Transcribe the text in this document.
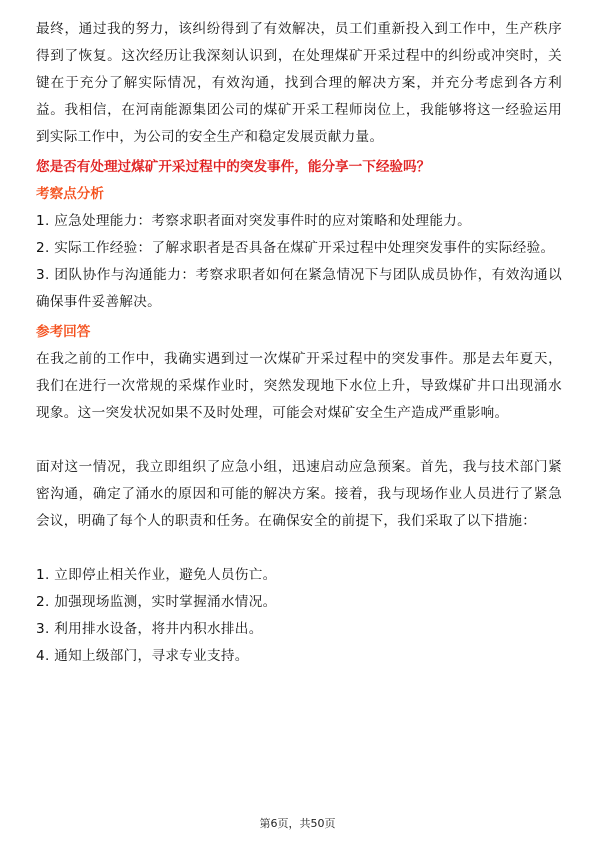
最终，通过我的努力，该纠纷得到了有效解决，员工们重新投入到工作中，生产秩序得到了恢复。这次经历让我深刻认识到，在处理煤矿开采过程中的纠纷或冲突时，关键在于充分了解实际情况，有效沟通，找到合理的解决方案，并充分考虑到各方利益。我相信，在河南能源集团公司的煤矿开采工程师岗位上，我能够将这一经验运用到实际工作中，为公司的安全生产和稳定发展贡献力量。

您是否有处理过煤矿开采过程中的突发事件，能分享一下经验吗？

考察点分析

1. 应急处理能力：考察求职者面对突发事件时的应对策略和处理能力。

2. 实际工作经验：了解求职者是否具备在煤矿开采过程中处理突发事件的实际经验。

3. 团队协作与沟通能力：考察求职者如何在紧急情况下与团队成员协作，有效沟通以确保事件妥善解决。

参考回答

在我之前的工作中，我确实遇到过一次煤矿开采过程中的突发事件。那是去年夏天，我们在进行一次常规的采煤作业时，突然发现地下水位上升，导致煤矿井口出现涌水现象。这一突发状况如果不及时处理，可能会对煤矿安全生产造成严重影响。

面对这一情况，我立即组织了应急小组，迅速启动应急预案。首先，我与技术部门紧密沟通，确定了涌水的原因和可能的解决方案。接着，我与现场作业人员进行了紧急会议，明确了每个人的职责和任务。在确保安全的前提下，我们采取了以下措施：

1. 立即停止相关作业，避免人员伤亡。

2. 加强现场监测，实时掌握涌水情况。

3. 利用排水设备，将井内积水排出。

4. 通知上级部门，寻求专业支持。

第6页，共50页
